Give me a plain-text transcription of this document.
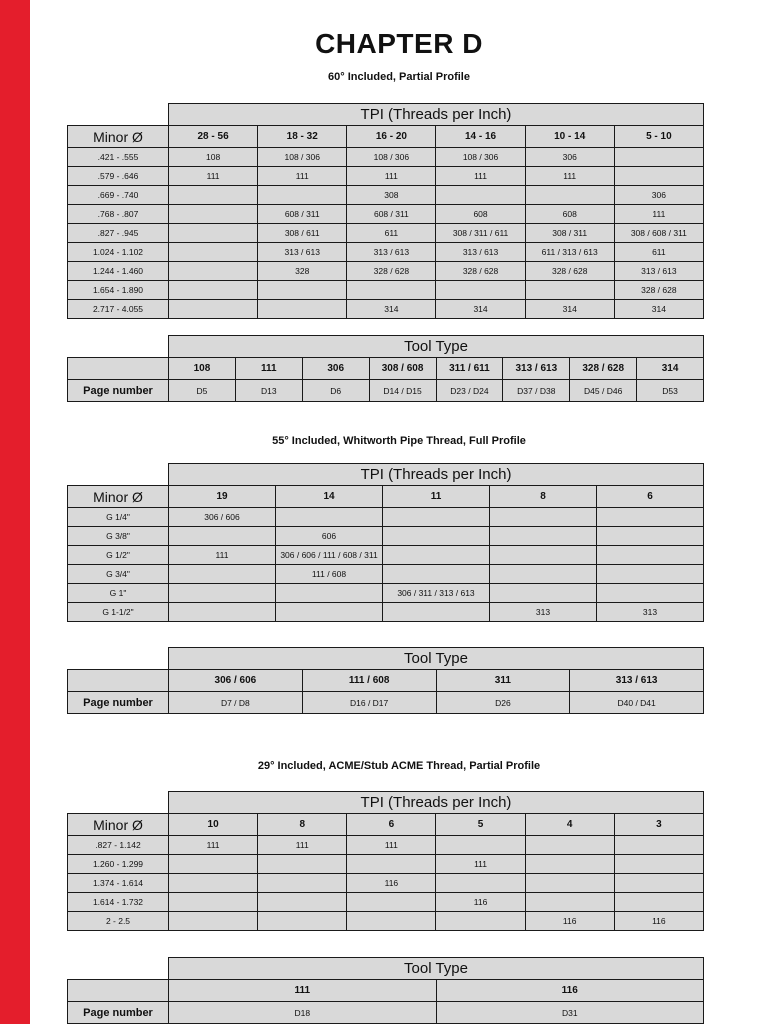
CHAPTER D
60° Included, Partial Profile
	TPI (Threads per Inch)					
Minor Ø	28 - 56	18 - 32	16 - 20	14 - 16	10 - 14	5 - 10
.421 - .555	108	108 / 306	108 / 306	108 / 306	306	
.579 - .646	111	111	111	111	111	
.669 - .740			308			306
.768 - .807		608 / 311	608 / 311	608	608	111
.827 - .945		308 / 611	611	308 / 311 / 611	308 / 311	308 / 608 / 311
1.024 - 1.102		313 / 613	313 / 613	313 / 613	611 / 313 / 613	611
1.244 - 1.460		328	328 / 628	328 / 628	328 / 628	313 / 613
1.654 - 1.890						328 / 628
2.717 - 4.055			314	314	314	314
	Tool Type							
	108	111	306	308 / 608	311 / 611	313 / 613	328 / 628	314
Page number	D5	D13	D6	D14 / D15	D23 / D24	D37 / D38	D45 / D46	D53
55° Included, Whitworth Pipe Thread, Full Profile
	TPI (Threads per Inch)				
Minor Ø	19	14	11	8	6
G 1/4"	306 / 606				
G 3/8"		606			
G 1/2"	111	306 / 606 / 111 / 608 / 311			
G 3/4"		111 / 608			
G 1"			306 / 311 / 313 / 613		
G 1-1/2"				313	313
	Tool Type			
	306 / 606	111 / 608	311	313 / 613
Page number	D7 / D8	D16 / D17	D26	D40 / D41
29° Included, ACME/Stub ACME Thread, Partial Profile
	TPI (Threads per Inch)					
Minor Ø	10	8	6	5	4	3
.827 - 1.142	111	111	111			
1.260 - 1.299				111		
1.374 - 1.614			116			
1.614 - 1.732				116		
2 - 2.5					116	116
	Tool Type	
	111	116
Page number	D18	D31
